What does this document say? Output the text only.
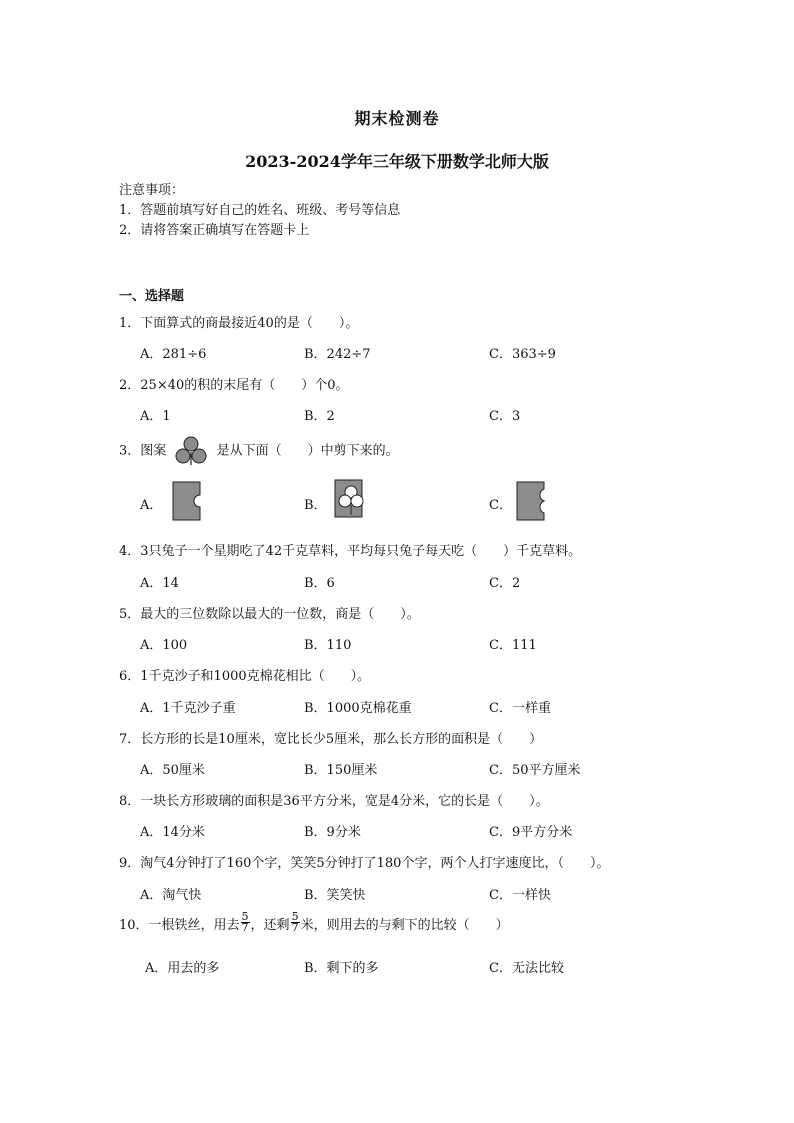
期末检测卷
2023-2024学年三年级下册数学北师大版
注意事项：
1．答题前填写好自己的姓名、班级、考号等信息
2．请将答案正确填写在答题卡上
一、选择题
1．下面算式的商最接近40的是（　　）。
A．281÷6	B．242÷7	C．363÷9
2．25×40的积的末尾有（　　）个0。
A．1	B．2	C．3
3．图案	是从下面（　　）中剪下来的。
A．	B．	C．
4．3只兔子一个星期吃了42千克草料，平均每只兔子每天吃（　　）千克草料。
A．14	B．6	C．2
5．最大的三位数除以最大的一位数，商是（　　）。
A．100	B．110	C．111
6．1千克沙子和1000克棉花相比（　　）。
A．1千克沙子重	B．1000克棉花重	C．一样重
7．长方形的长是10厘米，宽比长少5厘米，那么长方形的面积是（　　）
A．50厘米	B．150厘米	C．50平方厘米
8．一块长方形玻璃的面积是36平方分米，宽是4分米，它的长是（　　）。
A．14分米	B．9分米	C．9平方分米
9．淘气4分钟打了160个字，笑笑5分钟打了180个字，两个人打字速度比，（　　）。
A．淘气快	B．笑笑快	C．一样快
10．一根铁丝，用去 $\frac{5}{7}$ ，还剩 $\frac{5}{7}$ 米，则用去的与剩下的比较（　　）
A．用去的多	B．剩下的多	C．无法比较
